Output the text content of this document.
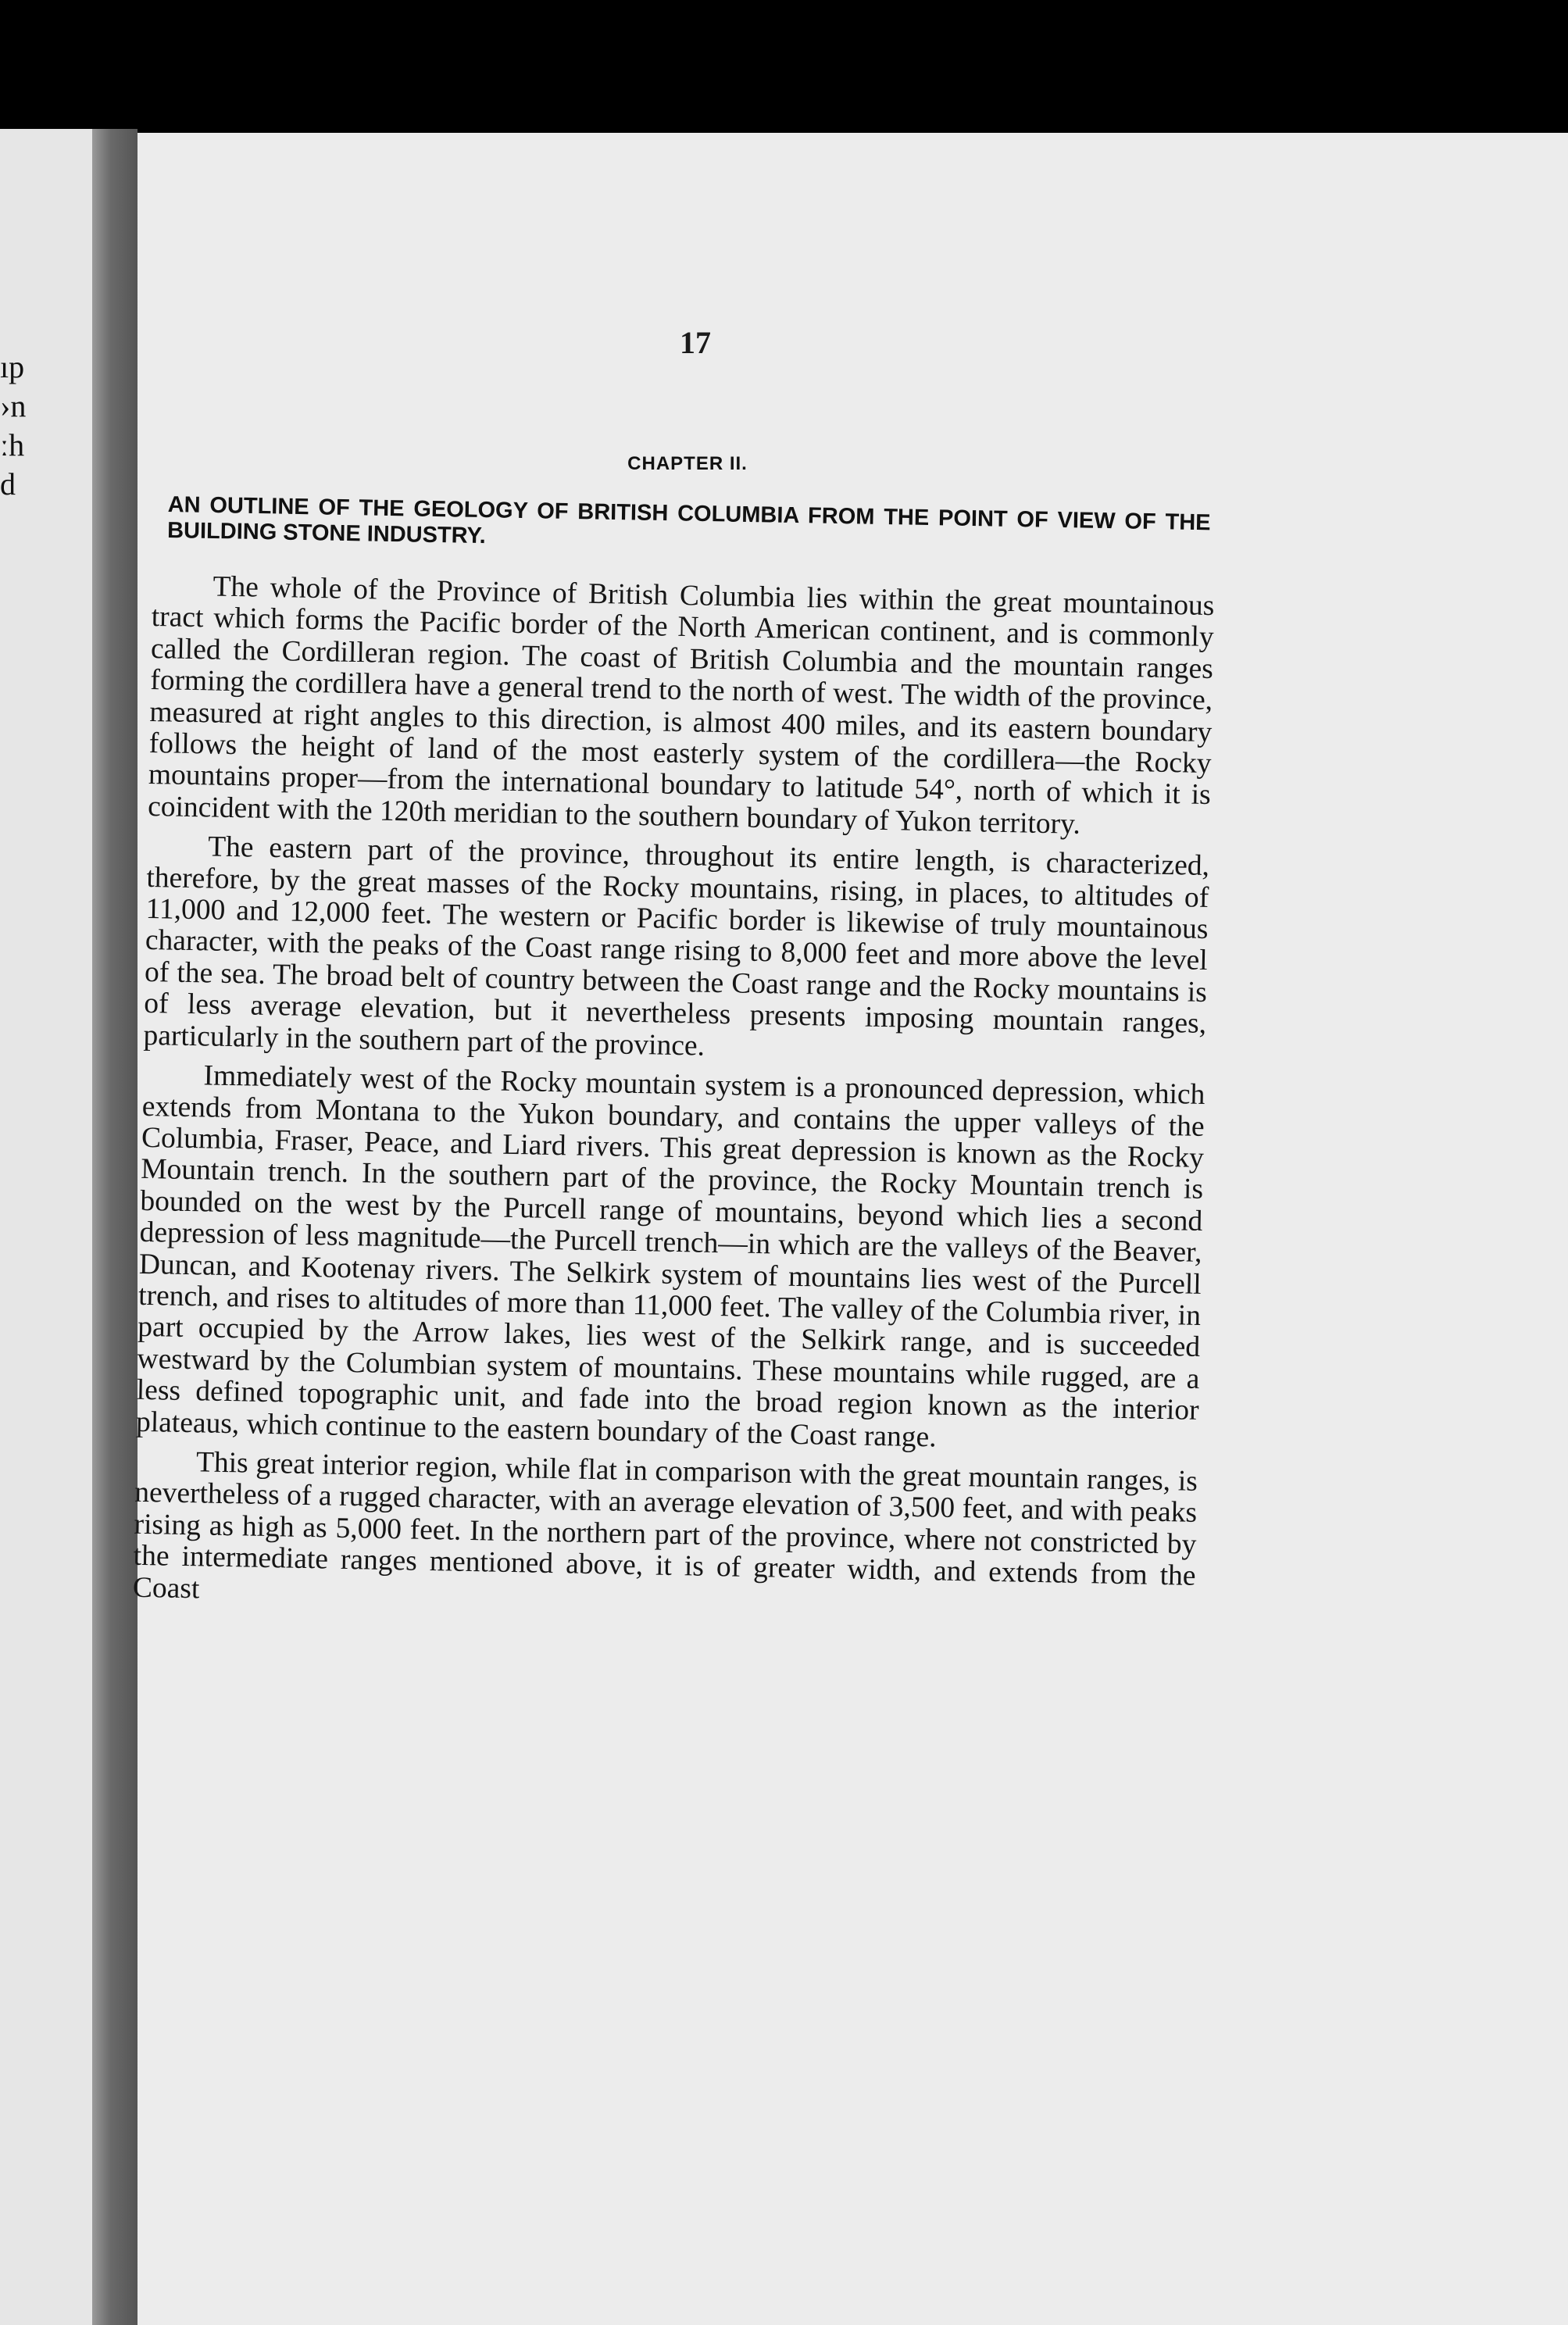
ıp
›n
ːh
d
17
CHAPTER II.
AN OUTLINE OF THE GEOLOGY OF BRITISH COLUMBIA FROM THE POINT OF VIEW OF THE BUILDING STONE INDUSTRY.

The whole of the Province of British Columbia lies within the great mountainous tract which forms the Pacific border of the North American continent, and is commonly called the Cordilleran region. The coast of British Columbia and the mountain ranges forming the cordillera have a general trend to the north of west. The width of the province, measured at right angles to this direction, is almost 400 miles, and its eastern boundary follows the height of land of the most easterly system of the cordillera—the Rocky mountains proper—from the international boundary to latitude 54°, north of which it is coincident with the 120th meridian to the southern boundary of Yukon territory.

The eastern part of the province, throughout its entire length, is characterized, therefore, by the great masses of the Rocky mountains, rising, in places, to altitudes of 11,000 and 12,000 feet. The western or Pacific border is likewise of truly mountainous character, with the peaks of the Coast range rising to 8,000 feet and more above the level of the sea. The broad belt of country between the Coast range and the Rocky mountains is of less average elevation, but it nevertheless presents imposing mountain ranges, particularly in the southern part of the province.

Immediately west of the Rocky mountain system is a pronounced depression, which extends from Montana to the Yukon boundary, and contains the upper valleys of the Columbia, Fraser, Peace, and Liard rivers. This great depression is known as the Rocky Mountain trench. In the southern part of the province, the Rocky Mountain trench is bounded on the west by the Purcell range of mountains, beyond which lies a second depression of less magnitude—the Purcell trench—in which are the valleys of the Beaver, Duncan, and Kootenay rivers. The Selkirk system of mountains lies west of the Purcell trench, and rises to altitudes of more than 11,000 feet. The valley of the Columbia river, in part occupied by the Arrow lakes, lies west of the Selkirk range, and is succeeded westward by the Columbian system of mountains. These mountains while rugged, are a less defined topographic unit, and fade into the broad region known as the interior plateaus, which continue to the eastern boundary of the Coast range.

This great interior region, while flat in comparison with the great mountain ranges, is nevertheless of a rugged character, with an average elevation of 3,500 feet, and with peaks rising as high as 5,000 feet. In the northern part of the province, where not constricted by the intermediate ranges mentioned above, it is of greater width, and extends from the Coast
